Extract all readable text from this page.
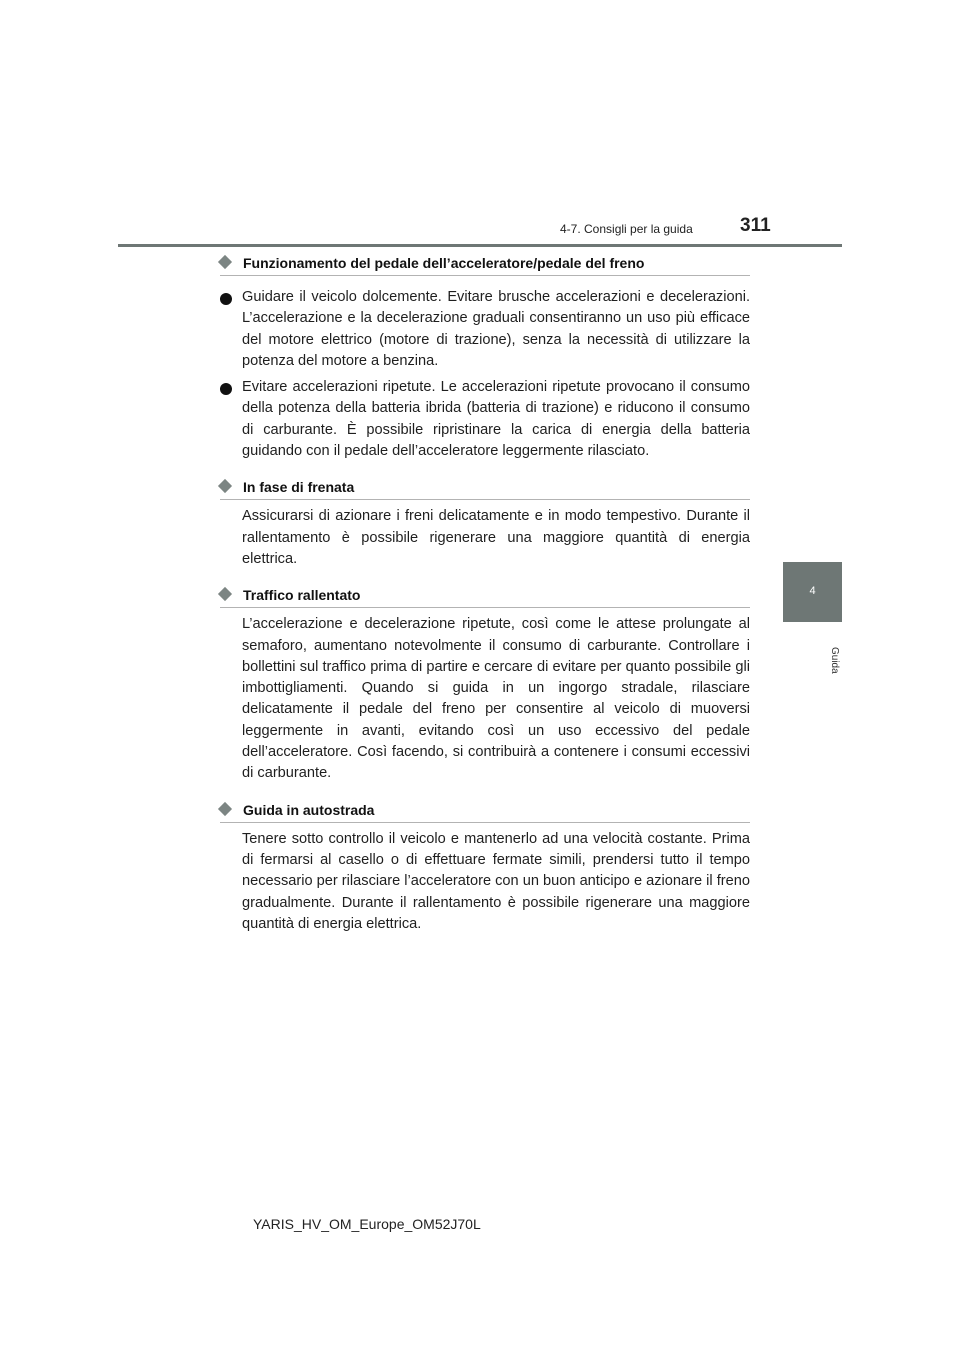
4-7. Consigli per la guida 311
4
Guida
Funzionamento del pedale dell’acceleratore/pedale del freno
Guidare il veicolo dolcemente. Evitare brusche accelerazioni e decelerazioni. L’accelerazione e la decelerazione graduali consentiranno un uso più efficace del motore elettrico (motore di trazione), senza la necessità di utilizzare la potenza del motore a benzina.
Evitare accelerazioni ripetute. Le accelerazioni ripetute provocano il consumo della potenza della batteria ibrida (batteria di trazione) e riducono il consumo di carburante. È possibile ripristinare la carica di energia della batteria guidando con il pedale dell’acceleratore leggermente rilasciato.
In fase di frenata
Assicurarsi di azionare i freni delicatamente e in modo tempestivo. Durante il rallentamento è possibile rigenerare una maggiore quantità di energia elettrica.
Traffico rallentato
L’accelerazione e decelerazione ripetute, così come le attese prolungate al semaforo, aumentano notevolmente il consumo di carburante. Controllare i bollettini sul traffico prima di partire e cercare di evitare per quanto possibile gli imbottigliamenti. Quando si guida in un ingorgo stradale, rilasciare delicatamente il pedale del freno per consentire al veicolo di muoversi leggermente in avanti, evitando così un uso eccessivo del pedale dell’acceleratore. Così facendo, si contribuirà a contenere i consumi eccessivi di carburante.
Guida in autostrada
Tenere sotto controllo il veicolo e mantenerlo ad una velocità costante. Prima di fermarsi al casello o di effettuare fermate simili, prendersi tutto il tempo necessario per rilasciare l’acceleratore con un buon anticipo e azionare il freno gradualmente. Durante il rallentamento è possibile rigenerare una maggiore quantità di energia elettrica.
YARIS_HV_OM_Europe_OM52J70L
